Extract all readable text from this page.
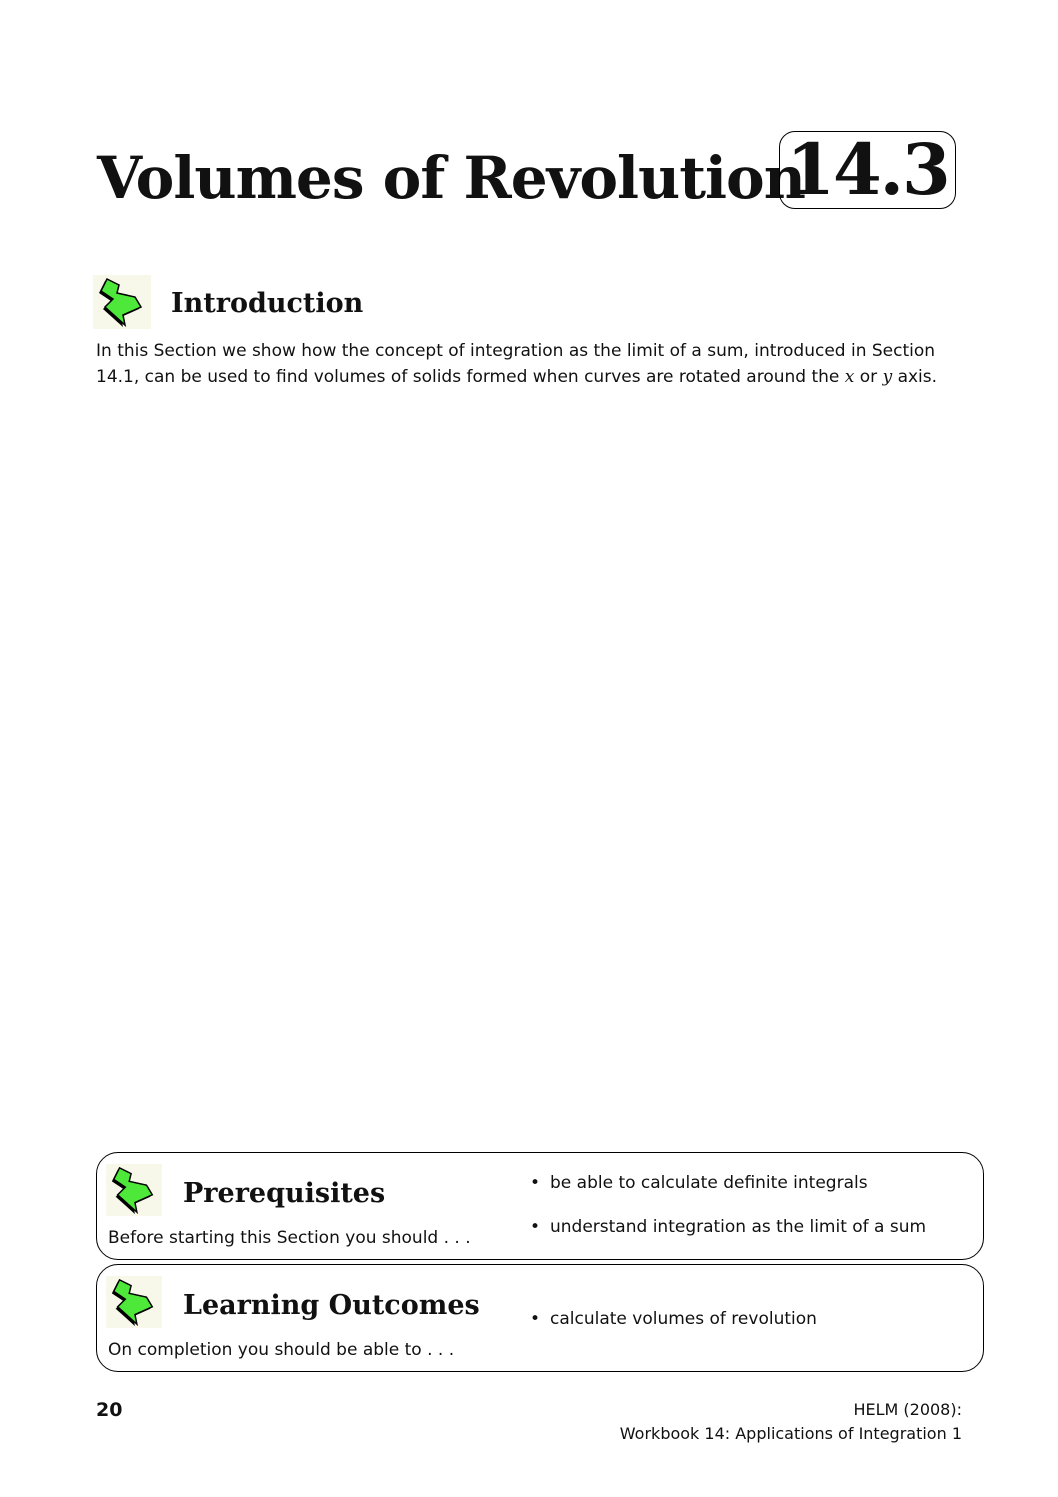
Volumes of Revolution
14.3
Introduction
In this Section we show how the concept of integration as the limit of a sum, introduced in Section 14.1, can be used to find volumes of solids formed when curves are rotated around the x or y axis.
Prerequisites
Before starting this Section you should . . .
• be able to calculate definite integrals
• understand integration as the limit of a sum
Learning Outcomes
On completion you should be able to . . .
• calculate volumes of revolution
20	HELM (2008):
Workbook 14: Applications of Integration 1
